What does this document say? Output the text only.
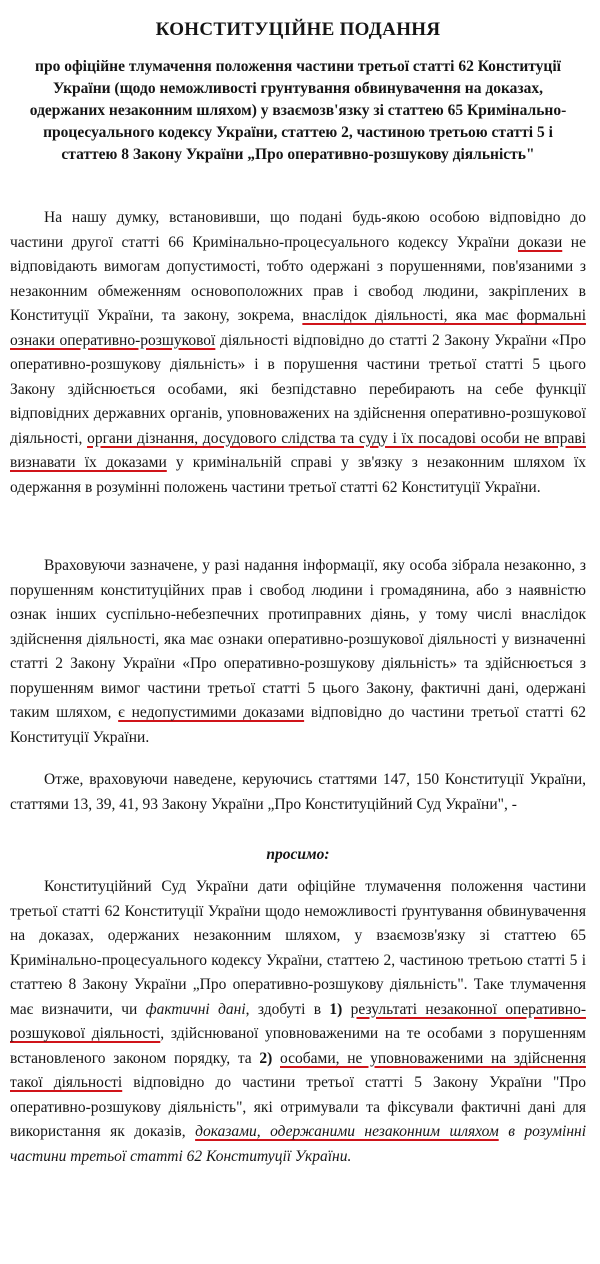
КОНСТИТУЦІЙНЕ ПОДАННЯ
про офіційне тлумачення положення частини третьої статті 62 Конституції України (щодо неможливості грунтування обвинувачення на доказах, одержаних незаконним шляхом) у взаємозв'язку зі статтею 65 Кримінально-процесуального кодексу України, статтею 2, частиною третьою статті 5 і статтею 8 Закону України „Про оперативно-розшукову діяльність"

На нашу думку, встановивши, що подані будь-якою особою відповідно до частини другої статті 66 Кримінально-процесуального кодексу України докази не відповідають вимогам допустимості, тобто одержані з порушеннями, пов'язаними з незаконним обмеженням основоположних прав і свобод людини, закріплених в Конституції України, та закону, зокрема, внаслідок діяльності, яка має формальні ознаки оперативно-розшукової діяльності відповідно до статті 2 Закону України «Про оперативно-розшукову діяльність» і в порушення частини третьої статті 5 цього Закону здійснюється особами, які безпідставно перебирають на себе функції відповідних державних органів, уповноважених на здійснення оперативно-розшукової діяльності, органи дізнання, досудового слідства та суду і їх посадові особи не вправі визнавати їх доказами у кримінальній справі у зв'язку з незаконним шляхом їх одержання в розумінні положень частини третьої статті 62 Конституції України.

Враховуючи зазначене, у разі надання інформації, яку особа зібрала незаконно, з порушенням конституційних прав і свобод людини і громадянина, або з наявністю ознак інших суспільно-небезпечних протиправних діянь, у тому числі внаслідок здійснення діяльності, яка має ознаки оперативно-розшукової діяльності у визначенні статті 2 Закону України «Про оперативно-розшукову діяльність» та здійснюється з порушенням вимог частини третьої статті 5 цього Закону, фактичні дані, одержані таким шляхом, є недопустимими доказами відповідно до частини третьої статті 62 Конституції України.

Отже, враховуючи наведене, керуючись статтями 147, 150 Конституції України, статтями 13, 39, 41, 93 Закону України „Про Конституційний Суд України", -

просимо:

Конституційний Суд України дати офіційне тлумачення положення частини третьої статті 62 Конституції України щодо неможливості ґрунтування обвинувачення на доказах, одержаних незаконним шляхом, у взаємозв'язку зі статтею 65 Кримінально-процесуального кодексу України, статтею 2, частиною третьою статті 5 і статтею 8 Закону України „Про оперативно-розшукову діяльність". Таке тлумачення має визначити, чи фактичні дані, здобуті в 1) результаті незаконної оперативно-розшукової діяльності, здійснюваної уповноваженими на те особами з порушенням встановленого законом порядку, та 2) особами, не уповноваженими на здійснення такої діяльності відповідно до частини третьої статті 5 Закону України "Про оперативно-розшукову діяльність", які отримували та фіксували фактичні дані для використання як доказів, доказами, одержаними незаконним шляхом в розумінні частини третьої статті 62 Конституції України.
